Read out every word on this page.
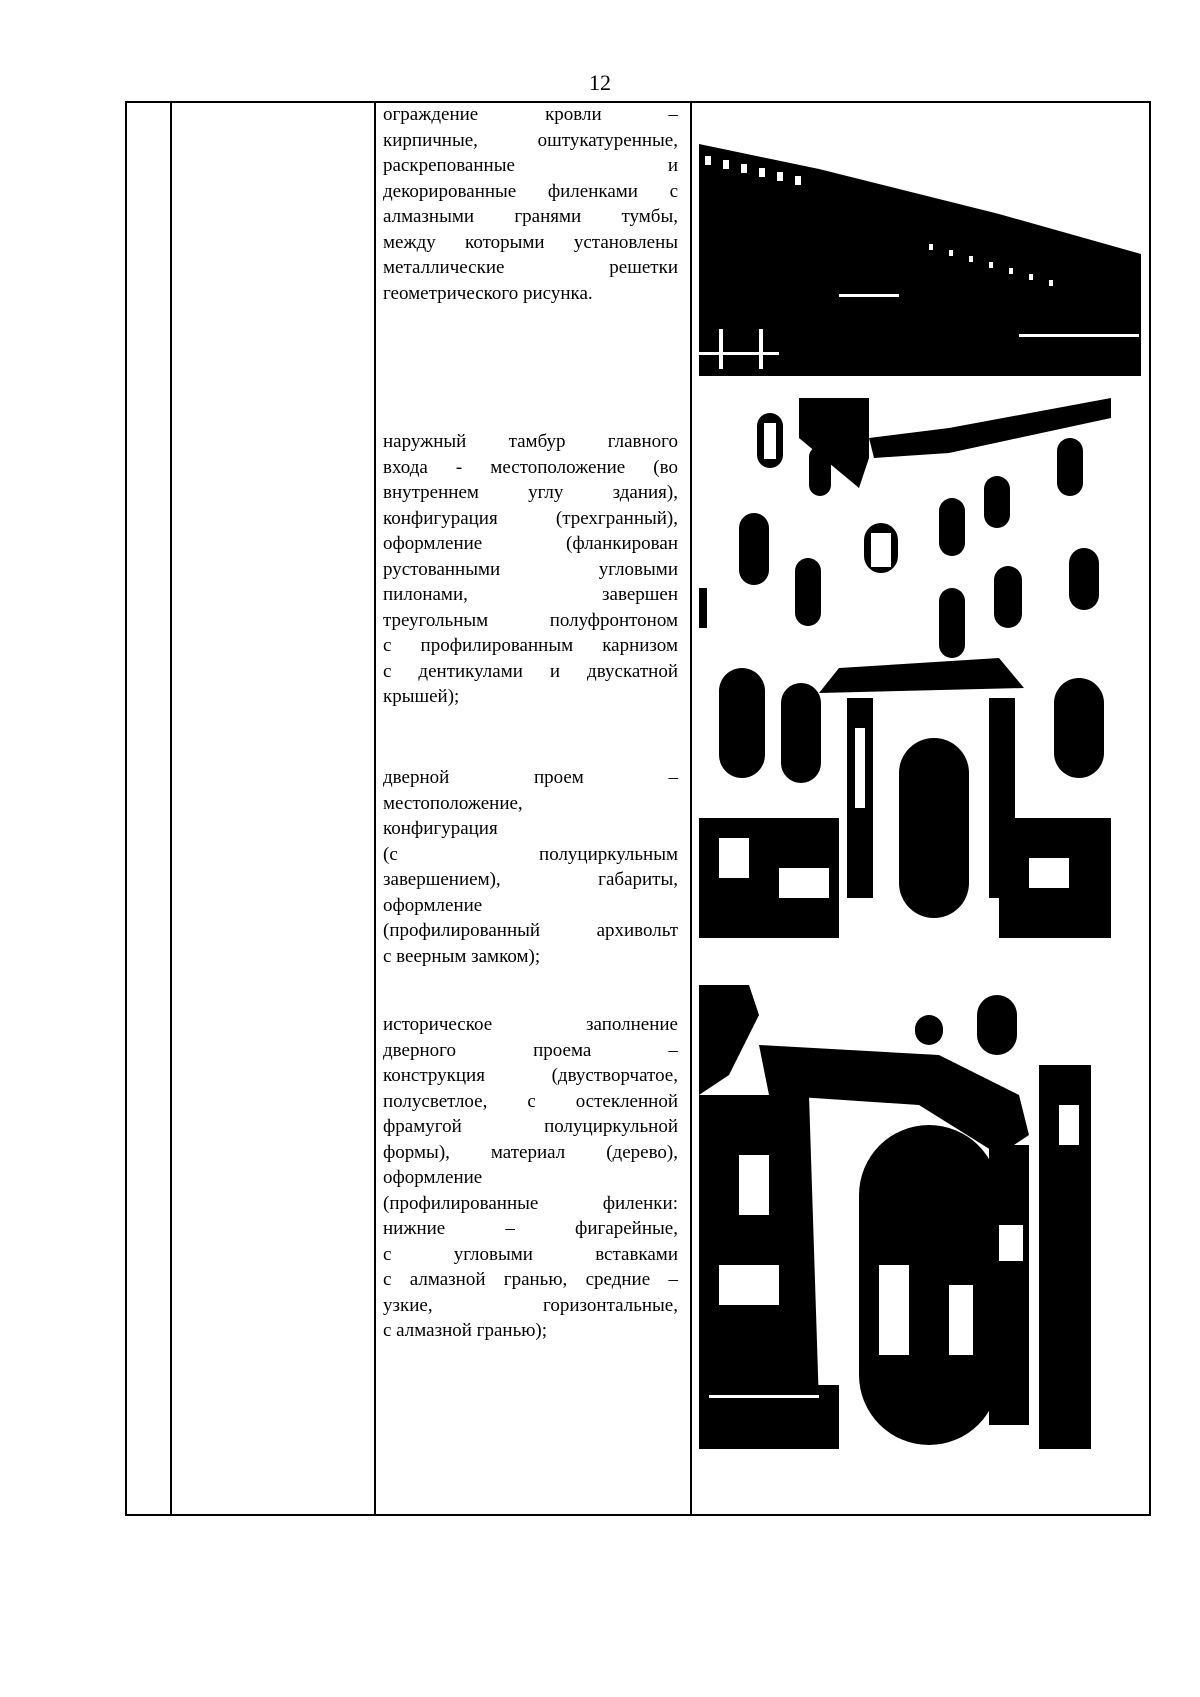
12
ограждение	кровли	–
кирпичные,	оштукатуренные,
раскрепованные	и
декорированные филенками с
алмазными гранями тумбы,
между которыми установлены
металлические	решетки
геометрического рисунка.
наружный тамбур главного
входа - местоположение (во
внутреннем	углу	здания),
конфигурация	(трехгранный),
оформление	(фланкирован
рустованными	угловыми
пилонами,	завершен
треугольным	полуфронтоном
с профилированным карнизом
с дентикулами и двускатной
крышей);
дверной	проем	–
местоположение,
конфигурация
(с	полуциркульным
завершением),	габариты,
оформление
(профилированный	архивольт
с веерным замком);
историческое	заполнение
дверного	проема	–
конструкция	(двустворчатое,
полусветлое, с остекленной
фрамугой	полуциркульной
формы), материал (дерево),
оформление
(профилированные	филенки:
нижние	–	фигарейные,
с	угловыми	вставками
с алмазной гранью, средние –
узкие,	горизонтальные,
с алмазной гранью);
